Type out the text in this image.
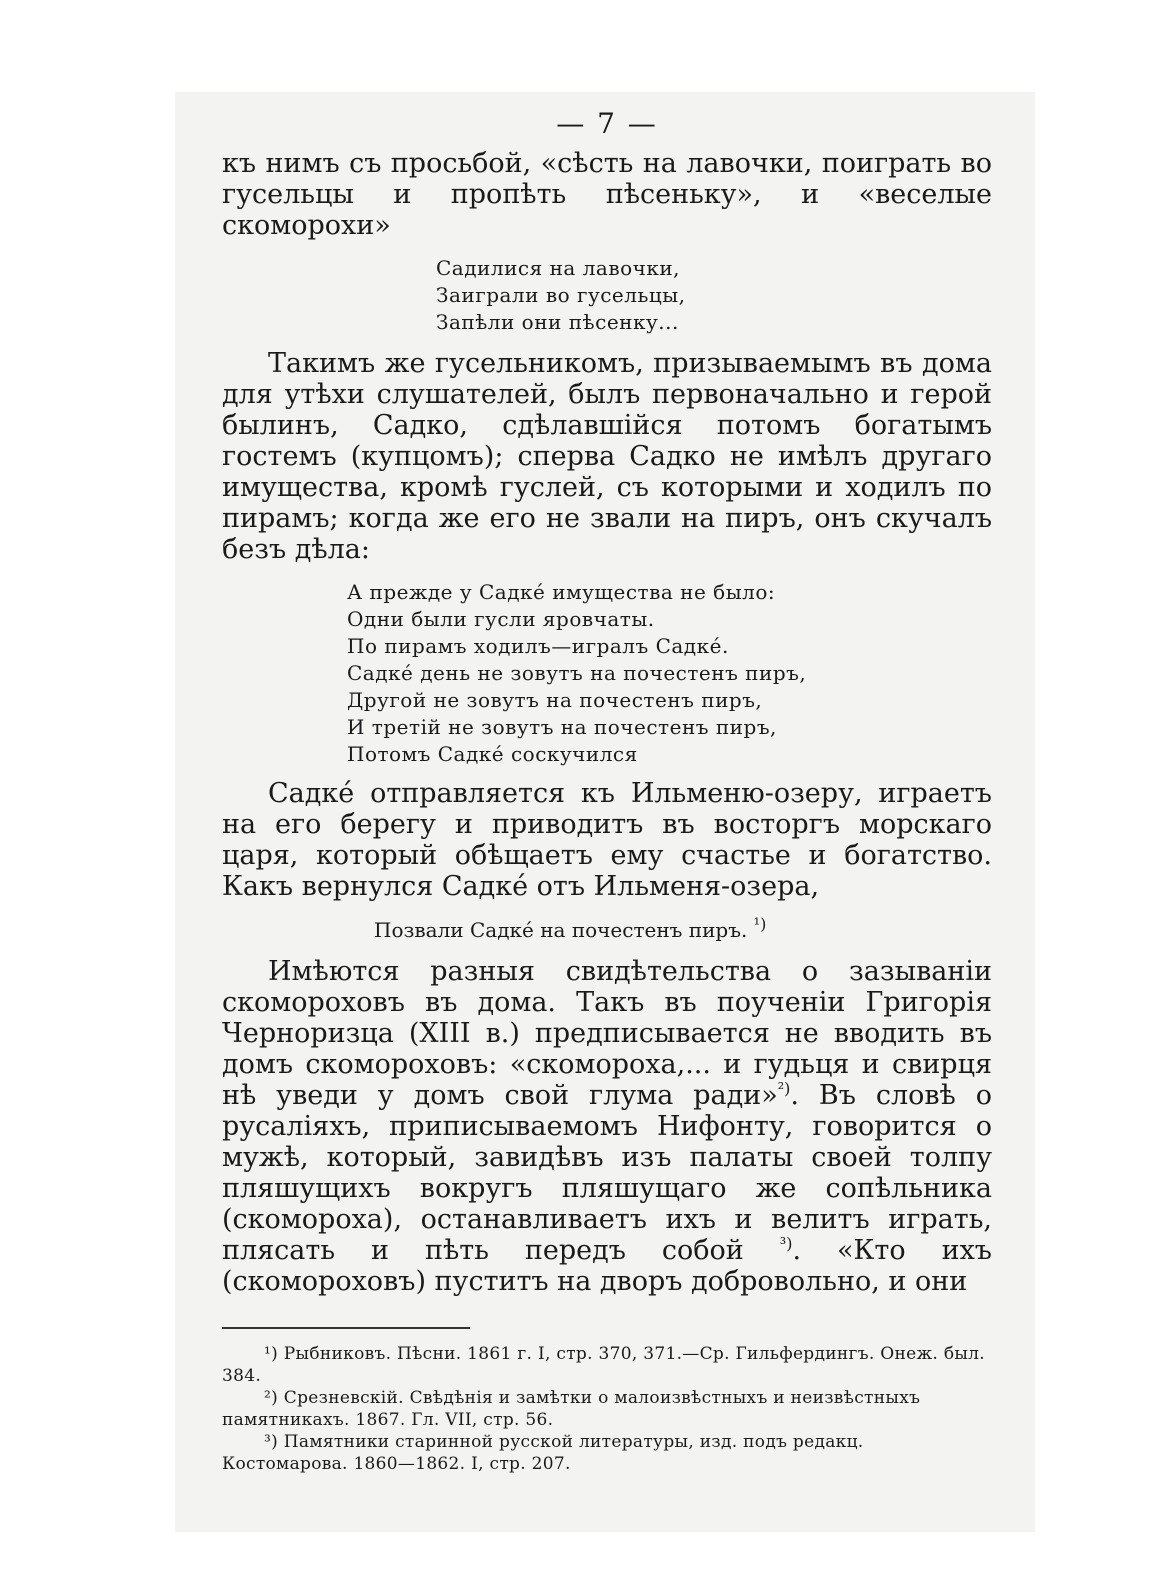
— 7 —

къ нимъ съ просьбой, «сѣсть на лавочки, поиграть во гусельцы и пропѣть пѣсеньку», и «веселые скоморохи»

Садилися на лавочки,
Заиграли во гусельцы,
Запѣли они пѣсенку...

Такимъ же гусельникомъ, призываемымъ въ дома для утѣхи слушателей, былъ первоначально и герой былинъ, Садко, сдѣлавшійся потомъ богатымъ гостемъ (купцомъ); сперва Садко не имѣлъ другаго имущества, кромѣ гуслей, съ которыми и ходилъ по пирамъ; когда же его не звали на пиръ, онъ скучалъ безъ дѣла:

А прежде у Садкé имущества не было:
Одни были гусли яровчаты.
По пирамъ ходилъ—игралъ Садкé.
Садкé день не зовутъ на почестенъ пиръ,
Другой не зовутъ на почестенъ пиръ,
И третій не зовутъ на почестенъ пиръ,
Потомъ Садкé соскучился

Садкé отправляется къ Ильменю-озеру, играетъ на его берегу и приводитъ въ восторгъ морскаго царя, который обѣщаетъ ему счастье и богатство. Какъ вернулся Садкé отъ Ильменя-озера,

Позвали Садкé на почестенъ пиръ. $^{^1)}$

Имѣются разныя свидѣтельства о зазываніи скомороховъ въ дома. Такъ въ поученіи Григорія Черноризца (XIII в.) предписывается не вводить въ домъ скомороховъ: «скомороха,... и гудьця и свирця нѣ уведи у домъ свой глума ради»$^{^2)}$. Въ словѣ о русаліяхъ, приписываемомъ Нифонту, говорится о мужѣ, который, завидѣвъ изъ палаты своей толпу пляшущихъ вокругъ пляшущаго же сопѣльника (скомороха), останавливаетъ ихъ и велитъ играть, плясать и пѣть передъ собой $^{^3)}$. «Кто ихъ (скомороховъ) пуститъ на дворъ добровольно, и они

¹) Рыбниковъ. Пѣсни. 1861 г. I, стр. 370, 371.—Ср. Гильфердингъ. Онеж. был. 384.

²) Срезневскій. Свѣдѣнія и замѣтки о малоизвѣстныхъ и неизвѣстныхъ памятникахъ. 1867. Гл. VII, стр. 56.

³) Памятники старинной русской литературы, изд. подъ редакц. Костомарова. 1860—1862. I, стр. 207.
